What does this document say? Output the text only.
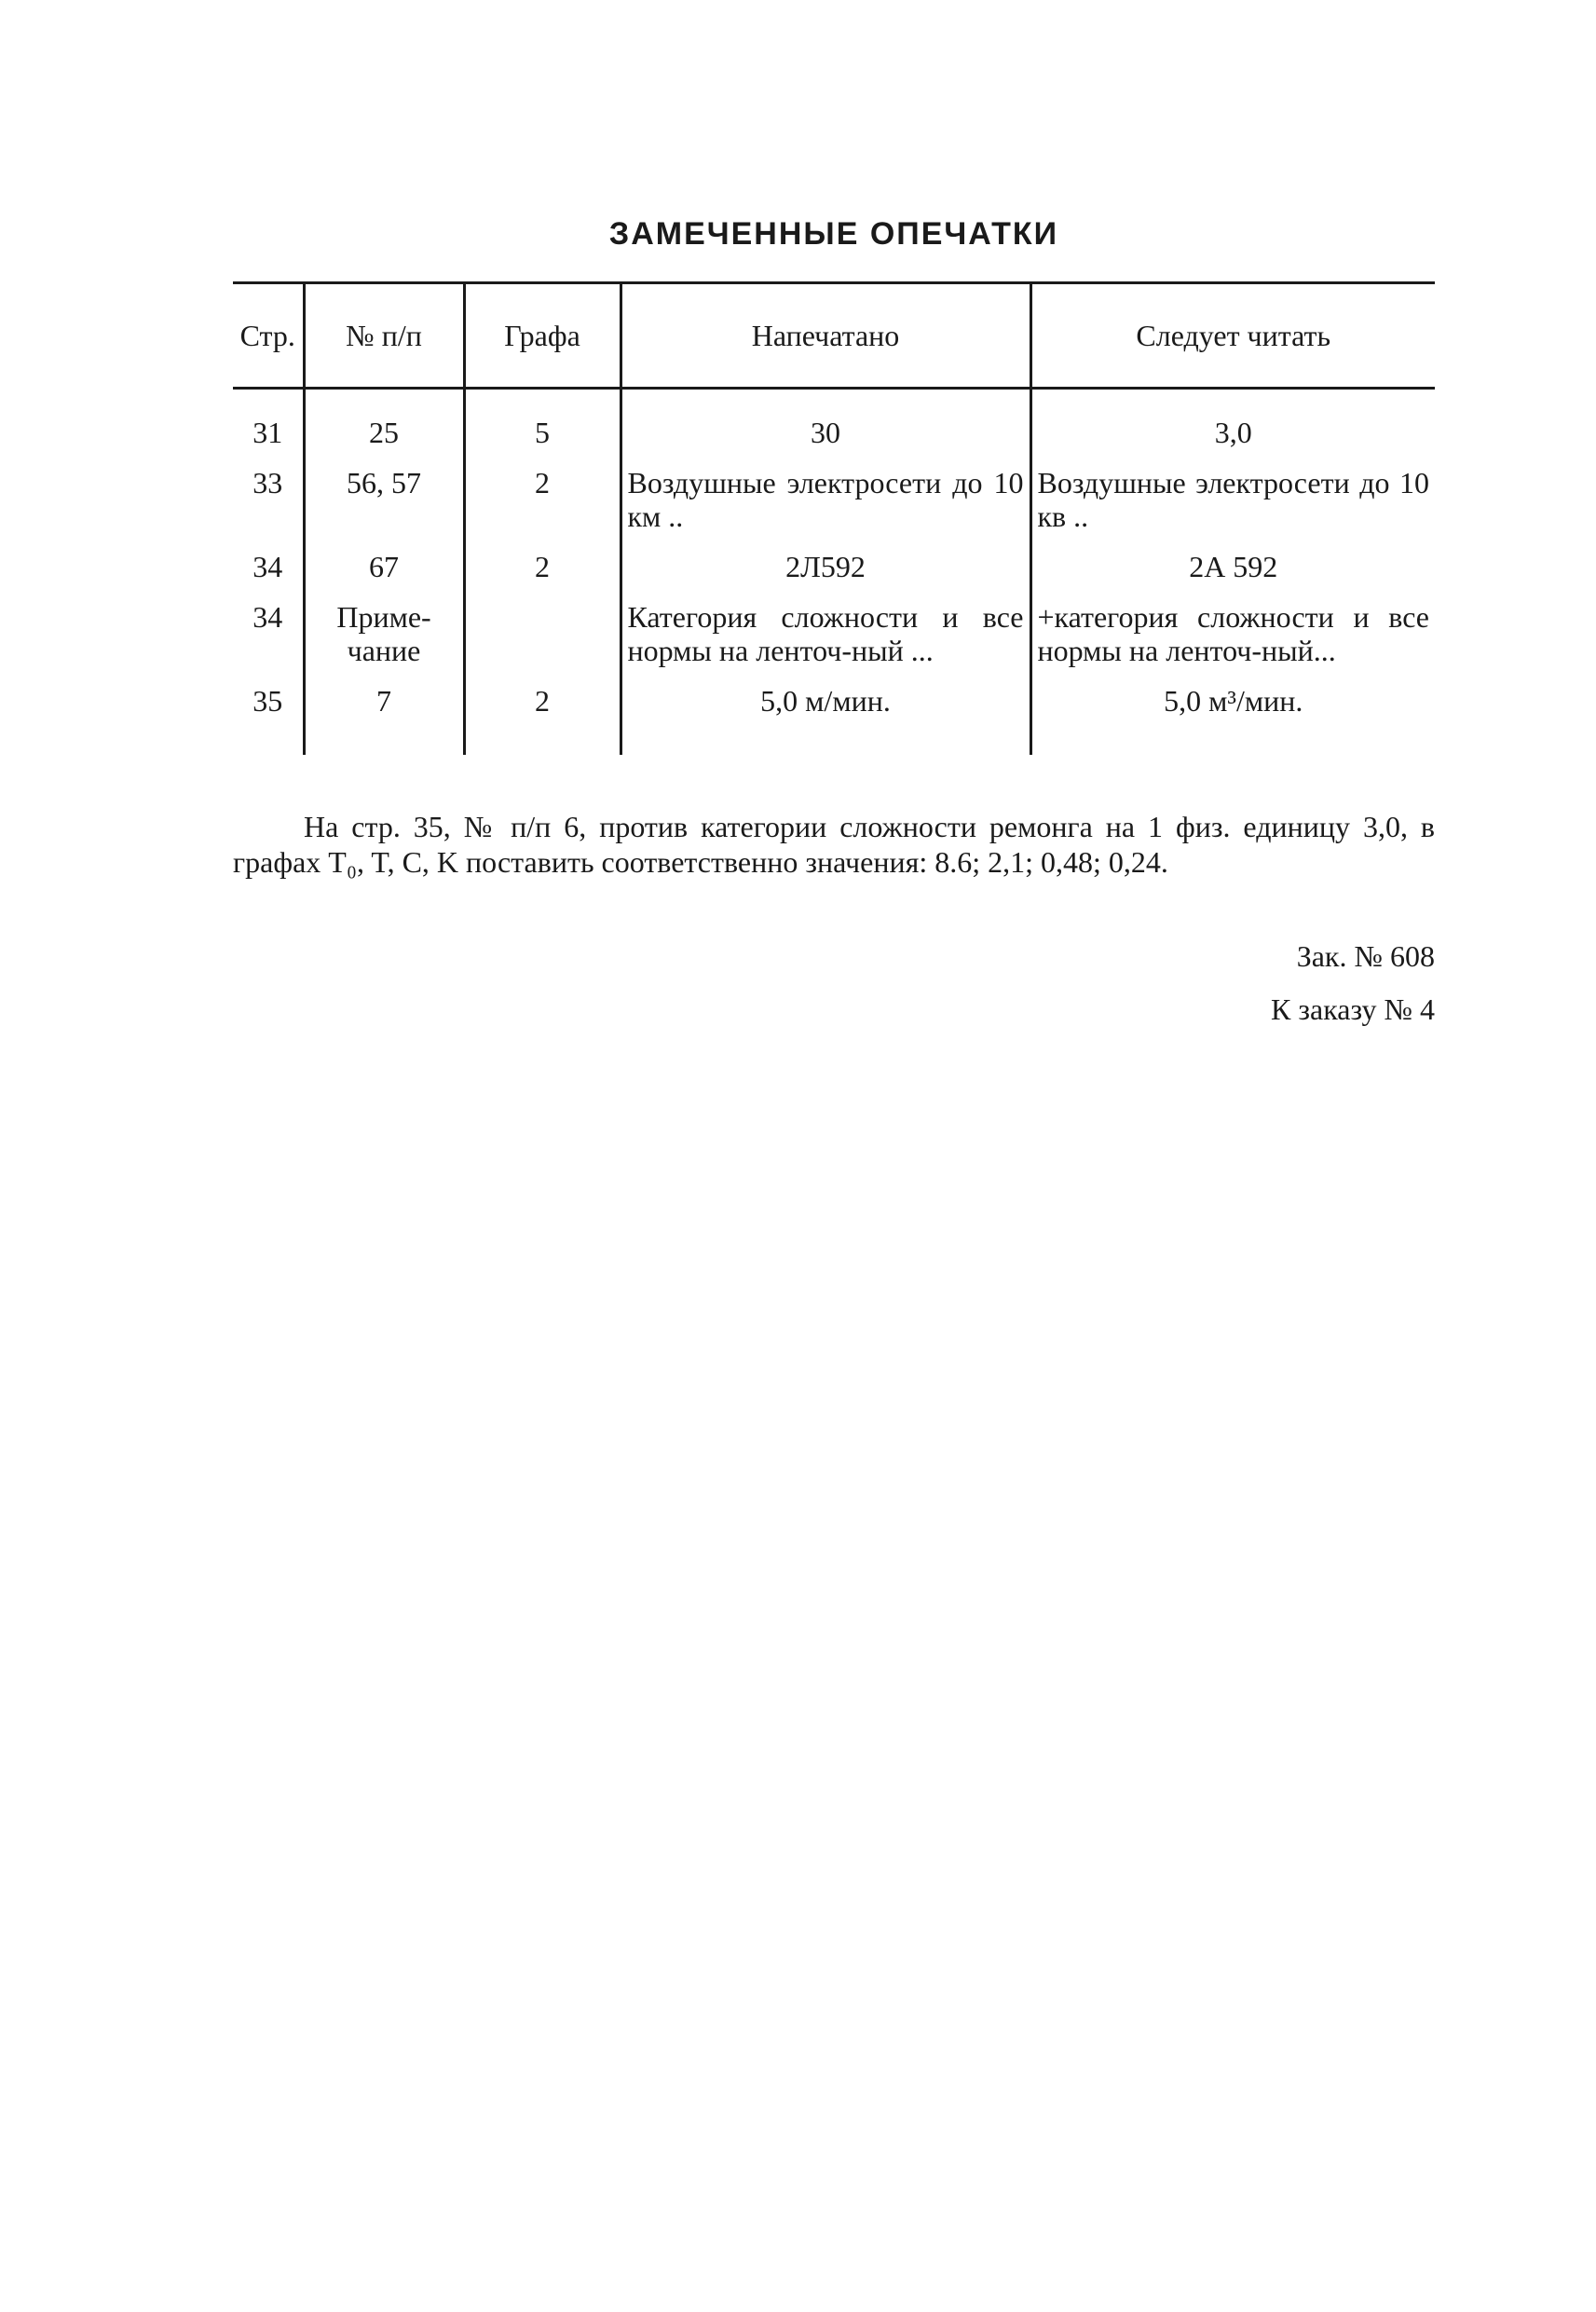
ЗАМЕЧЕННЫЕ ОПЕЧАТКИ
Стр.	№ п/п	Графа	Напечатано	Следует читать
31	25	5	30	3,0
33	56, 57	2	Воздушные электросети до 10 км ..	Воздушные электросети до 10 кв ..
34	67	2	2Л592	2А 592
34	Приме-чание		Категория сложности и все нормы на ленточ-ный ...	+категория сложности и все нормы на ленточ-ный...
35	7	2	5,0 м/мин.	5,0 м³/мин.

На стр. 35, № п/п 6, против категории сложности ремонга на 1 физ. единицу 3,0, в графах T₀, T, C, K поставить соответственно значения: 8.6; 2,1; 0,48; 0,24.

Зак. № 608

К заказу № 4
